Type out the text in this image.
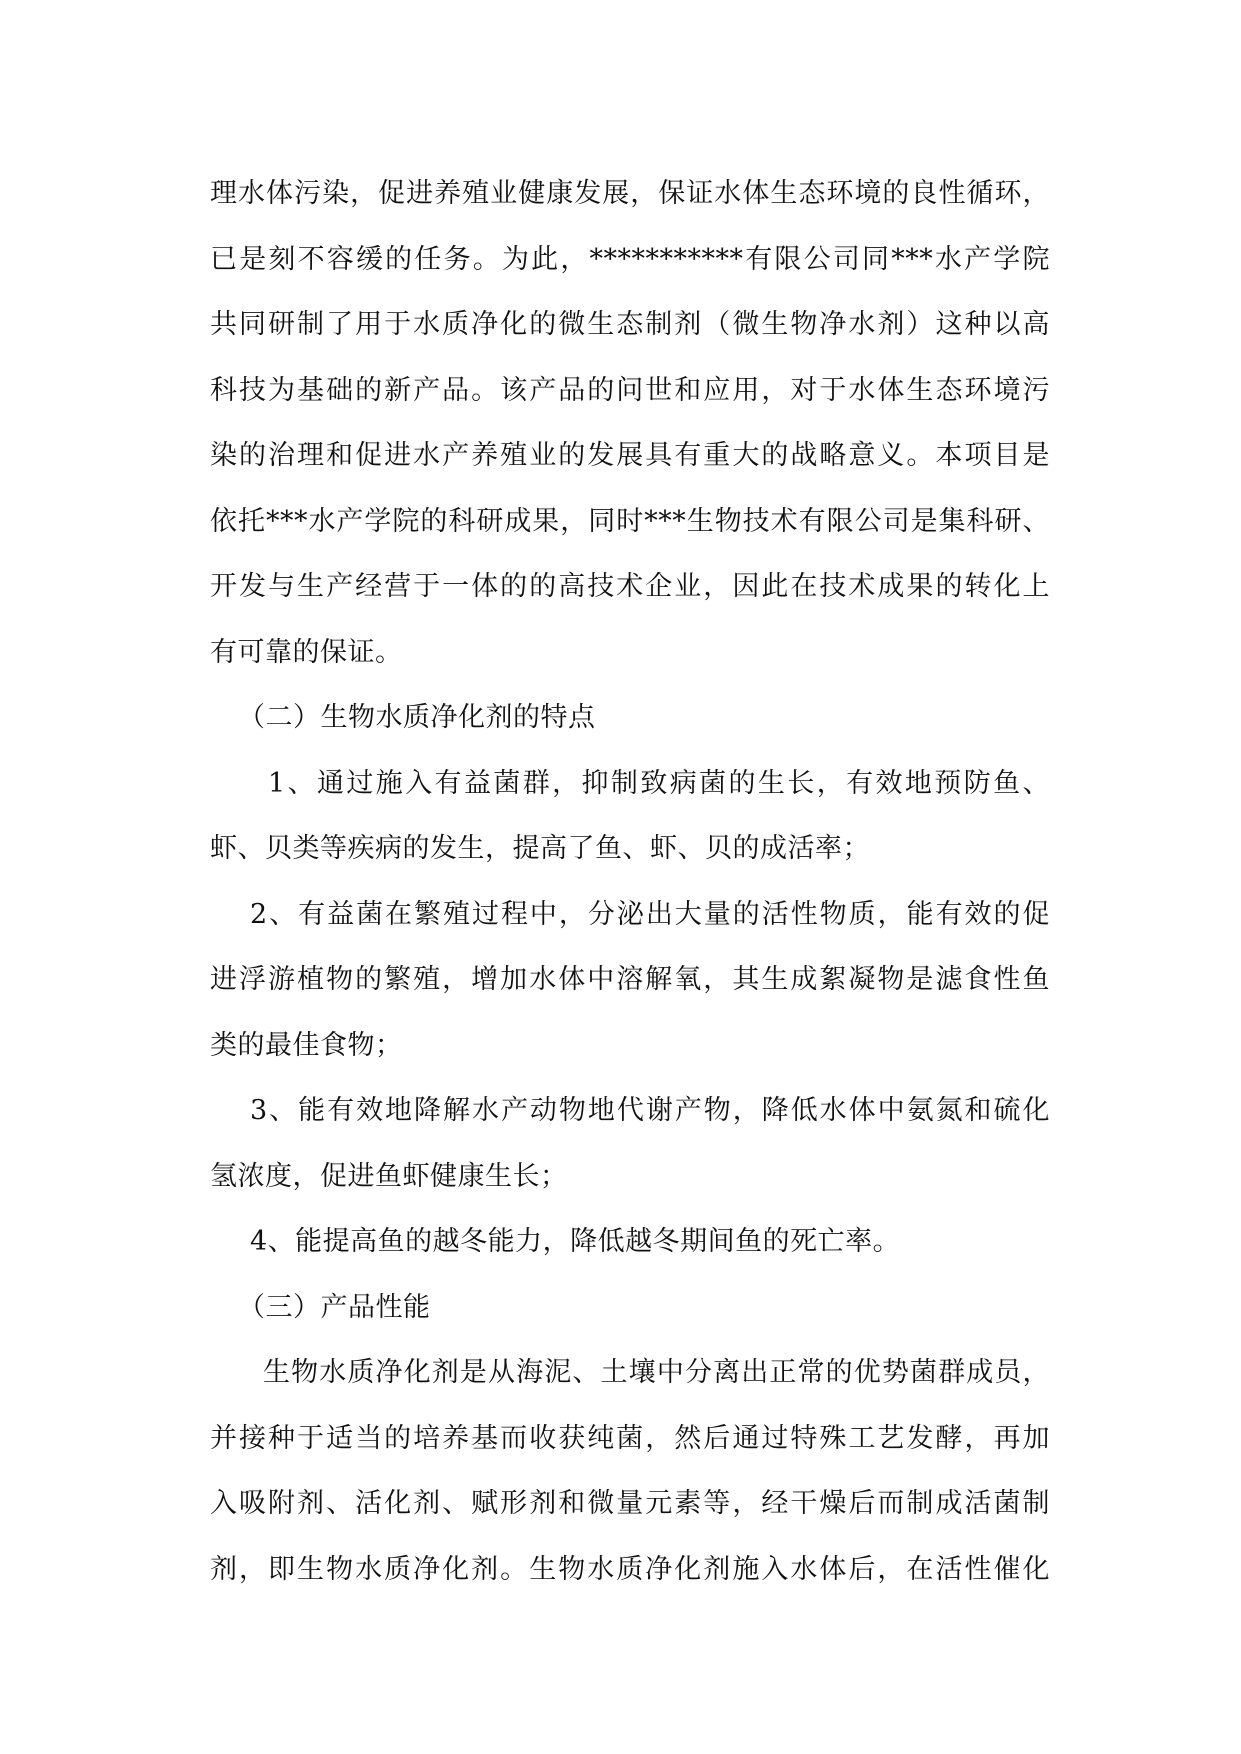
理水体污染，促进养殖业健康发展，保证水体生态环境的良性循环，
已是刻不容缓的任务。为此，***********有限公司同***水产学院
共同研制了用于水质净化的微生态制剂（微生物净水剂）这种以高
科技为基础的新产品。该产品的问世和应用，对于水体生态环境污
染的治理和促进水产养殖业的发展具有重大的战略意义。本项目是
依托***水产学院的科研成果，同时***生物技术有限公司是集科研、
开发与生产经营于一体的的高技术企业，因此在技术成果的转化上
有可靠的保证。
（二）生物水质净化剂的特点
1、通过施入有益菌群，抑制致病菌的生长，有效地预防鱼、
虾、贝类等疾病的发生，提高了鱼、虾、贝的成活率；
2、有益菌在繁殖过程中，分泌出大量的活性物质，能有效的促
进浮游植物的繁殖，增加水体中溶解氧，其生成絮凝物是滤食性鱼
类的最佳食物；
3、能有效地降解水产动物地代谢产物，降低水体中氨氮和硫化
氢浓度，促进鱼虾健康生长；
4、能提高鱼的越冬能力，降低越冬期间鱼的死亡率。
（三）产品性能
生物水质净化剂是从海泥、土壤中分离出正常的优势菌群成员，
并接种于适当的培养基而收获纯菌，然后通过特殊工艺发酵，再加
入吸附剂、活化剂、赋形剂和微量元素等，经干燥后而制成活菌制
剂，即生物水质净化剂。生物水质净化剂施入水体后，在活性催化
